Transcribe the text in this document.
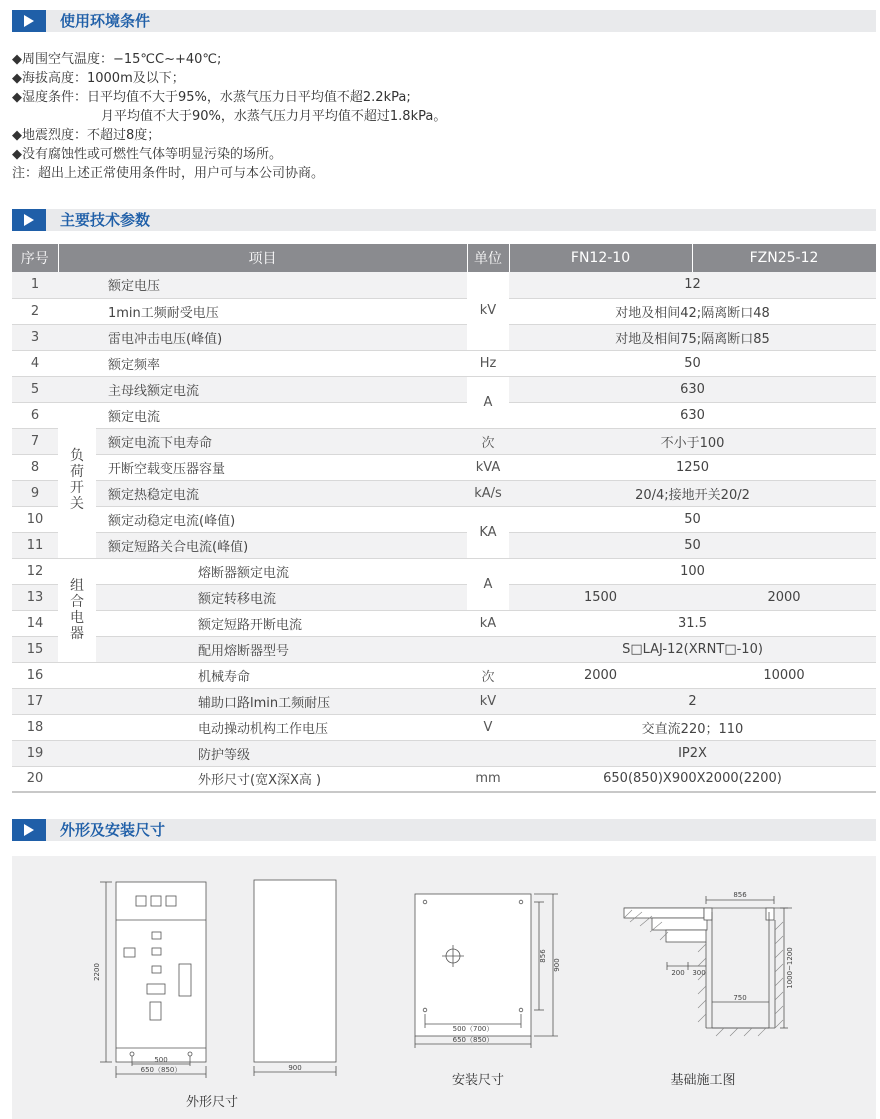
使用环境条件
◆周围空气温度：−15℃C~+40℃;
◆海拔高度：1000m及以下；
◆湿度条件：日平均值不大于95%，水蒸气压力日平均值不超2.2kPa;
月平均值不大于90%，水蒸气压力月平均值不超过1.8kPa。
◆地震烈度：不超过8度；
◆没有腐蚀性或可燃性气体等明显污染的场所。
注：超出上述正常使用条件时，用户可与本公司协商。
主要技术参数
序号	项目		单位	FN12-10	FZN25-12
1	额定电压		kV	12	
2	1min工频耐受电压			对地及相间42;隔离断口48	
3	雷电冲击电压(峰值)			对地及相间75;隔离断口85	
4	额定频率		Hz	50	
5	主母线额定电流		A	630	
6	负荷开关	额定电流		630	
7		额定电流下电寿命	次	不小于100	
8		开断空载变压器容量	kVA	1250	
9		额定热稳定电流	kA/s	20/4;接地开关20/2	
10		额定动稳定电流(峰值)	KA	50	
11		额定短路关合电流(峰值)		50	
12	组合电器	熔断器额定电流	A	100	
13		额定转移电流		1500	2000
14		额定短路开断电流	kA	31.5	
15		配用熔断器型号		S□LAJ-12(XRNT□-10)	
16	机械寿命		次	2000	10000
17	辅助口路lmin工频耐压		kV	2	
18	电动操动机构工作电压		V	交直流220；110	
19	防护等级			IP2X	
20	外形尺寸(宽X深X高 )		mm	650(850)X900X2000(2200)	
外形及安装尺寸
2200
500
650（850）	900
外形尺寸
500（700）
650（850）
856
900
安装尺寸
856
200 300
750
1000~1200
基础施工图
